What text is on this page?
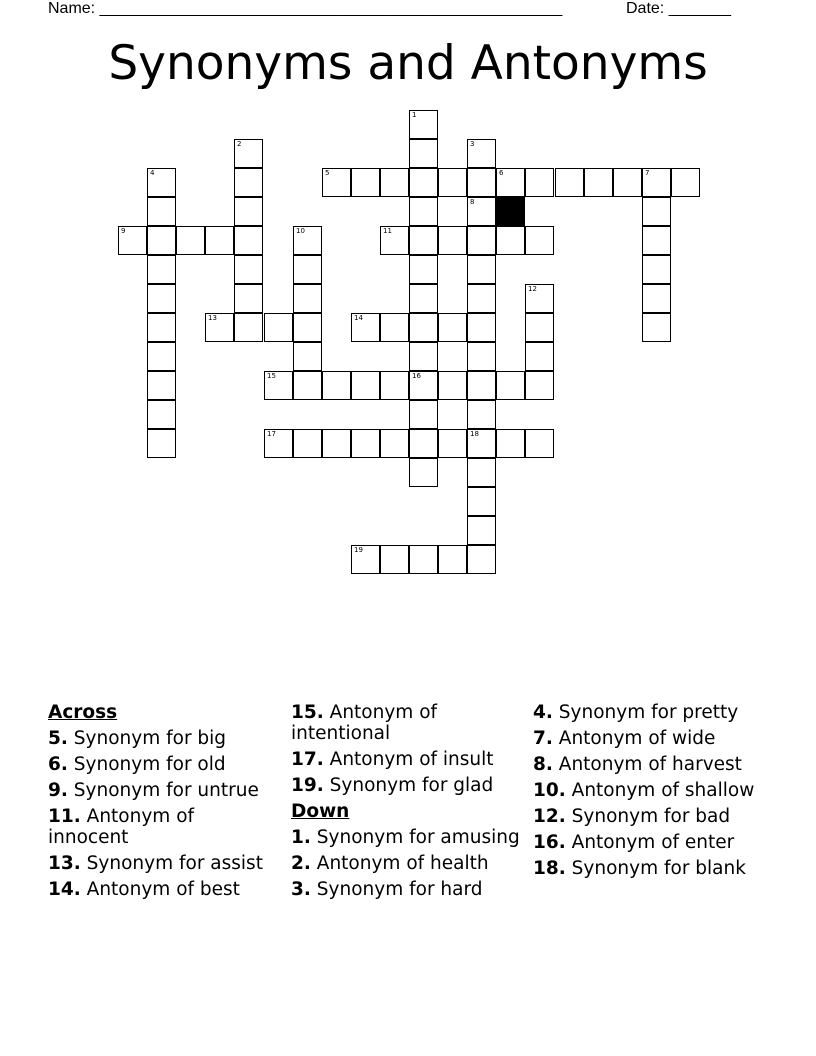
Name: ____________________________________________________	Date: _______
Synonyms and Antonyms
1
16
2	3
8
4	5	6	7
9	10	11
12
13	14
15
17	18
19
Across
5. Synonym for big
6. Synonym for old
9. Synonym for untrue
11. Antonym of innocent
13. Synonym for assist
14. Antonym of best
15. Antonym of intentional
17. Antonym of insult
19. Synonym for glad
Down
1. Synonym for amusing
2. Antonym of health
3. Synonym for hard
4. Synonym for pretty
7. Antonym of wide
8. Antonym of harvest
10. Antonym of shallow
12. Synonym for bad
16. Antonym of enter
18. Synonym for blank
